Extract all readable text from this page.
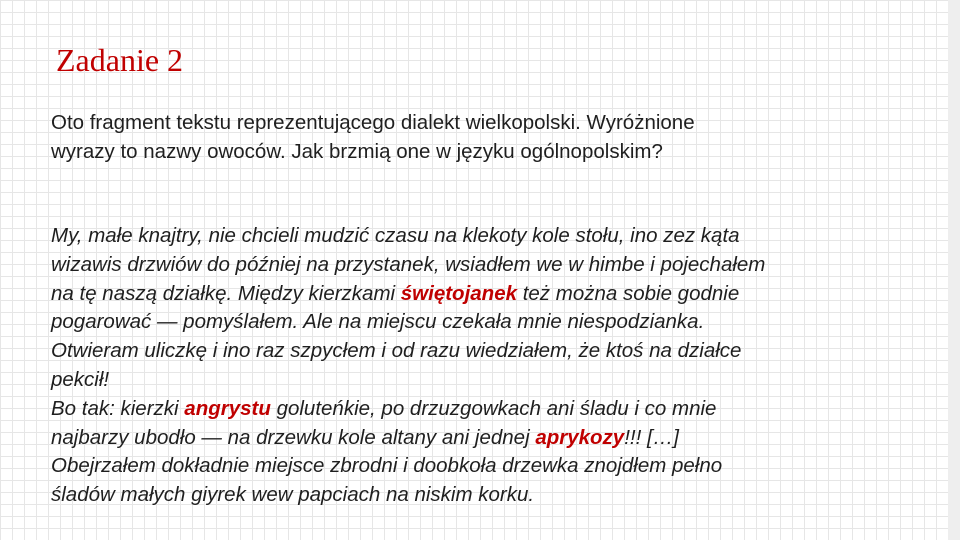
Zadanie 2
Oto fragment tekstu reprezentującego dialekt wielkopolski. Wyróżnione
wyrazy to nazwy owoców. Jak brzmią one w języku ogólnopolskim?
My, małe knajtry, nie chcieli mudzić czasu na klekoty kole stołu, ino zez kąta
wizawis drzwiów do później na przystanek, wsiadłem we w himbe i pojechałem
na tę naszą działkę. Między kierzkami świętojanek też można sobie godnie
pogarować — pomyślałem. Ale na miejscu czekała mnie niespodzianka.
Otwieram uliczkę i ino raz szpycłem i od razu wiedziałem, że ktoś na działce
pekcił!
Bo tak: kierzki angrystu goluteńkie, po drzuzgowkach ani śladu i co mnie
najbarzy ubodło — na drzewku kole altany ani jednej aprykozy!!! […]
Obejrzałem dokładnie miejsce zbrodni i doobkoła drzewka znojdłem pełno
śladów małych giyrek wew papciach na niskim korku.
